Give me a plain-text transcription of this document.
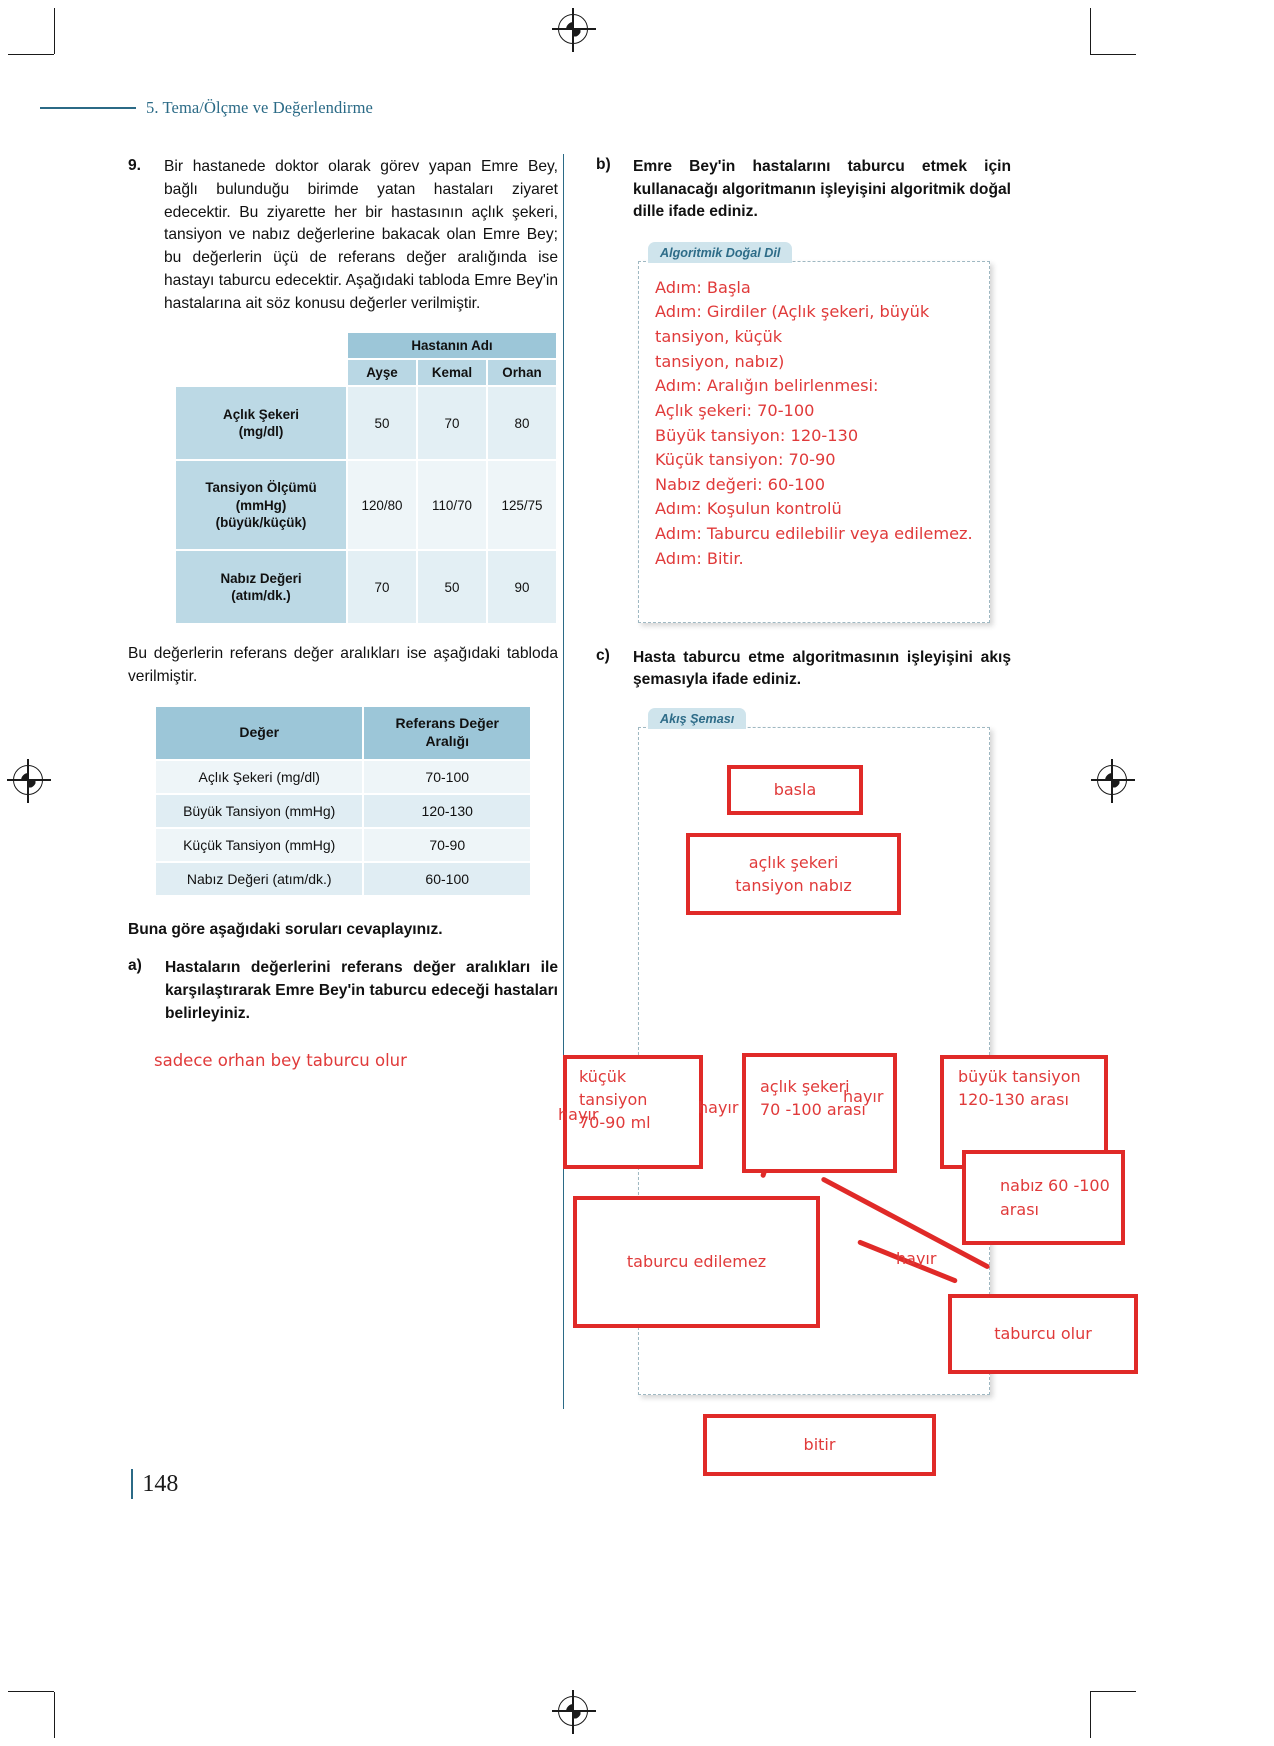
5. Tema/Ölçme ve Değerlendirme
9.	Bir hastanede doktor olarak görev yapan Emre Bey, bağlı bulunduğu birimde yatan hastaları ziyaret edecektir. Bu ziyarette her bir hastasının açlık şekeri, tansiyon ve nabız değerlerine bakacak olan Emre Bey; bu değerlerin üçü de referans değer aralığında ise hastayı taburcu edecektir. Aşağıdaki tabloda Emre Bey'in hastalarına ait söz konusu değerler verilmiştir.
	Hastanın Adı		
	Ayşe	Kemal	Orhan

Açlık Şekeri
(mg/dl)	50	70	80

Tansiyon Ölçümü
(mmHg)
(büyük/küçük)	120/80	110/70	125/75

Nabız Değeri
(atım/dk.)	70	50	90
Bu değerlerin referans değer aralıkları ise aşağıdaki tabloda verilmiştir.
Değer	Referans Değer
Aralığı

Açlık Şekeri (mg/dl)	70-100
Büyük Tansiyon (mmHg)	120-130
Küçük Tansiyon (mmHg)	70-90
Nabız Değeri (atım/dk.)	60-100
Buna göre aşağıdaki soruları cevaplayınız.
a)	Hastaların değerlerini referans değer aralıkları ile karşılaştırarak Emre Bey'in taburcu edeceği hastaları belirleyiniz.
sadece orhan bey taburcu olur
b)	Emre Bey'in hastalarını taburcu etmek için kullanacağı algoritmanın işleyişini algoritmik doğal dille ifade ediniz.
Algoritmik Doğal Dil
Adım: Başla
Adım: Girdiler (Açlık şekeri, büyük tansiyon, küçük
tansiyon, nabız)
Adım: Aralığın belirlenmesi:
Açlık şekeri: 70-100
Büyük tansiyon: 120-130
Küçük tansiyon: 70-90
Nabız değeri: 60-100
Adım: Koşulun kontrolü
Adım: Taburcu edilebilir veya edilemez.
Adım: Bitir.
c)	Hasta taburcu etme algoritmasının işleyişini akış şemasıyla ifade ediniz.
Akış Şeması
basla
açlık şekeri
tansiyon nabız
küçük
tansiyon
70-90 ml
açlık şekeri
70 -100 arası
büyük tansiyon
120-130 arası
nabız 60 -100
arası
taburcu edilemez
taburcu olur
bitir
hayır	hayır
hayır
hayır
148
